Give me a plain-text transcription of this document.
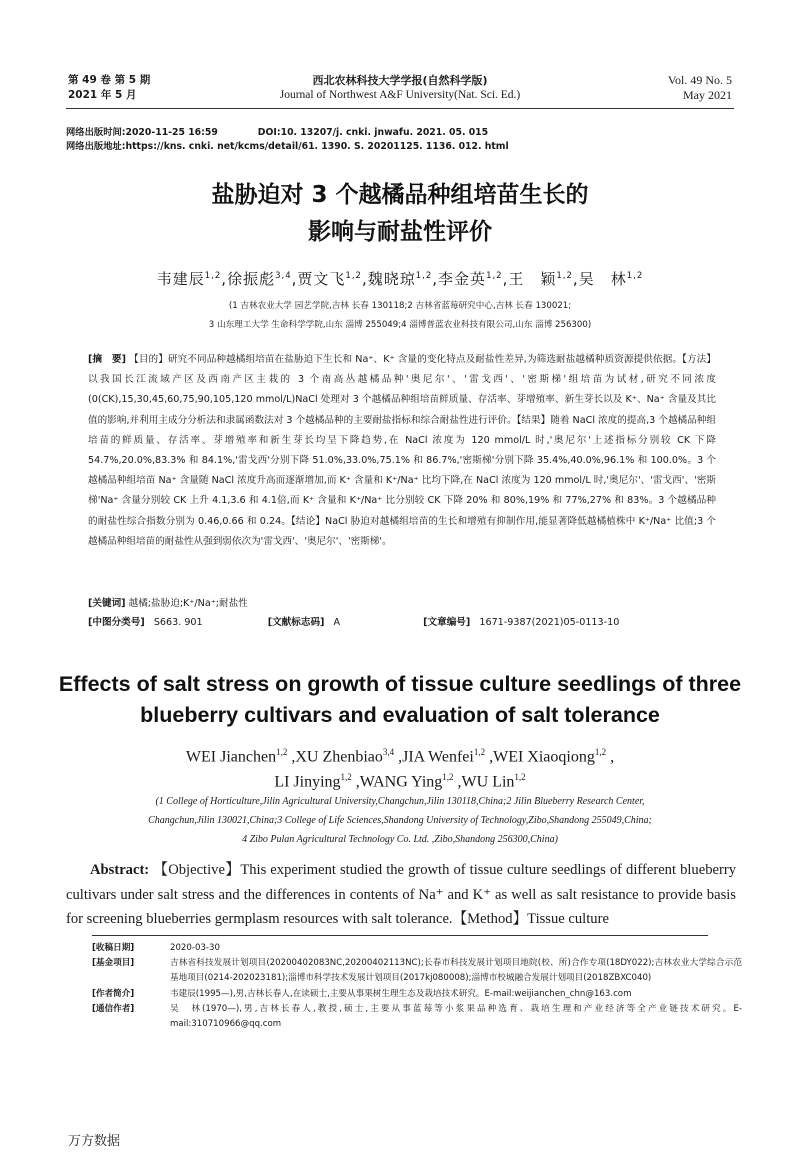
第 49 卷 第 5 期
2021 年 5 月
西北农林科技大学学报(自然科学版)
Journal of Northwest A&F University(Nat. Sci. Ed.)
Vol. 49 No. 5
May 2021
网络出版时间:2020-11-25 16:59	DOI:10. 13207/j. cnki. jnwafu. 2021. 05. 015
网络出版地址:https://kns. cnki. net/kcms/detail/61. 1390. S. 20201125. 1136. 012. html
盐胁迫对 3 个越橘品种组培苗生长的
影响与耐盐性评价
韦建辰$^{1,2}$,徐振彪$^{3,4}$,贾文飞$^{1,2}$,魏晓琼$^{1,2}$,李金英$^{1,2}$,王　颖$^{1,2}$,吴　林$^{1,2}$
(1 吉林农业大学 园艺学院,吉林 长春 130118;2 吉林省蓝莓研究中心,吉林 长春 130021;
3 山东理工大学 生命科学学院,山东 淄博 255049;4 淄博普蓝农业科技有限公司,山东 淄博 256300)

[摘　要] 【目的】研究不同品种越橘组培苗在盐胁迫下生长和 Na⁺、K⁺ 含量的变化特点及耐盐性差异,为筛选耐盐越橘种质资源提供依据。【方法】以我国长江流域产区及西南产区主栽的 3 个南高丛越橘品种'奥尼尔'、'雷戈西'、'密斯梯'组培苗为试材,研究不同浓度(0(CK),15,30,45,60,75,90,105,120 mmol/L)NaCl 处理对 3 个越橘品种组培苗鲜质量、存活率、芽增殖率、新生芽长以及 K⁺、Na⁺ 含量及其比值的影响,并利用主成分分析法和隶属函数法对 3 个越橘品种的主要耐盐指标和综合耐盐性进行评价。【结果】随着 NaCl 浓度的提高,3 个越橘品种组培苗的鲜质量、存活率、芽增殖率和新生芽长均呈下降趋势,在 NaCl 浓度为 120 mmol/L 时,'奥尼尔'上述指标分别较 CK 下降 54.7%,20.0%,83.3% 和 84.1%,'雷戈西'分别下降 51.0%,33.0%,75.1% 和 86.7%,'密斯梯'分别下降 35.4%,40.0%,96.1% 和 100.0%。3 个越橘品种组培苗 Na⁺ 含量随 NaCl 浓度升高而逐渐增加,而 K⁺ 含量和 K⁺/Na⁺ 比均下降,在 NaCl 浓度为 120 mmol/L 时,'奥尼尔'、'雷戈西'、'密斯梯'Na⁺ 含量分别较 CK 上升 4.1,3.6 和 4.1倍,而 K⁺ 含量和 K⁺/Na⁺ 比分别较 CK 下降 20% 和 80%,19% 和 77%,27% 和 83%。3 个越橘品种的耐盐性综合指数分别为 0.46,0.66 和 0.24。【结论】NaCl 胁迫对越橘组培苗的生长和增殖有抑制作用,能显著降低越橘植株中 K⁺/Na⁺ 比值;3 个越橘品种组培苗的耐盐性从强到弱依次为'雷戈西'、'奥尼尔'、'密斯梯'。

[关键词] 越橘;盐胁迫;K⁺/Na⁺;耐盐性
[中图分类号] S663. 901	[文献标志码] A	[文章编号] 1671-9387(2021)05-0113-10
Effects of salt stress on growth of tissue culture seedlings of three
blueberry cultivars and evaluation of salt tolerance
WEI Jianchen$^{1,2}$ ,XU Zhenbiao$^{3,4}$ ,JIA Wenfei$^{1,2}$ ,WEI Xiaoqiong$^{1,2}$ ,
LI Jinying$^{1,2}$ ,WANG Ying$^{1,2}$ ,WU Lin$^{1,2}$
(1 College of Horticulture,Jilin Agricultural University,Changchun,Jilin 130118,China;2 Jilin Blueberry Research Center,
Changchun,Jilin 130021,China;3 College of Life Sciences,Shandong University of Technology,Zibo,Shandong 255049,China;
4 Zibo Pulan Agricultural Technology Co. Ltd. ,Zibo,Shandong 256300,China)

Abstract: 【Objective】This experiment studied the growth of tissue culture seedlings of different blueberry cultivars under salt stress and the differences in contents of Na⁺ and K⁺ as well as salt resistance to provide basis for screening blueberries germplasm resources with salt tolerance.【Method】Tissue culture

[收稿日期]	2020-03-30
[基金项目]	吉林省科技发展计划项目(20200402083NC,20200402113NC);长春市科技发展计划项目地院(校、所)合作专项(18DY022);吉林农业大学综合示范基地项目(0214-202023181);淄博市科学技术发展计划项目(2017kj080008);淄博市校城融合发展计划项目(2018ZBXC040)
[作者简介]	韦建辰(1995—),男,吉林长春人,在读硕士,主要从事果树生理生态及栽培技术研究。E-mail:weijianchen_chn@163.com
[通信作者]	吴　林(1970—),男,吉林长春人,教授,硕士,主要从事蓝莓等小浆果品种选育、栽培生理和产业经济等全产业链技术研究。E-mail:310710966@qq.com
万方数据
